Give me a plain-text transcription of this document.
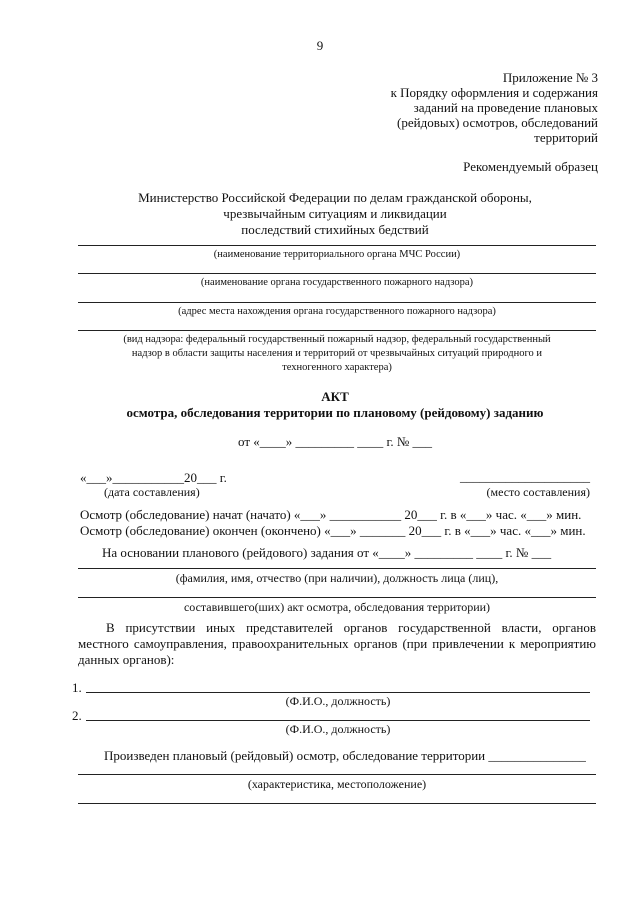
9
Приложение № 3
к Порядку оформления и содержания
заданий на проведение плановых
(рейдовых) осмотров, обследований
территорий
Рекомендуемый образец
Министерство Российской Федерации по делам гражданской обороны,
чрезвычайным ситуациям и ликвидации
последствий стихийных бедствий
(наименование территориального органа МЧС России)
(наименование органа государственного пожарного надзора)
(адрес места нахождения органа государственного пожарного надзора)
(вид надзора: федеральный государственный пожарный надзор, федеральный государственный
надзор в области защиты населения и территорий от чрезвычайных ситуаций природного и
техногенного характера)
АКТ
осмотра, обследования территории по плановому (рейдовому) заданию
от «____» _________ ____ г. № ___
«___»___________20___ г.
(дата составления)
____________________
(место составления)
Осмотр (обследование) начат (начато) «___» ___________ 20___ г. в «___» час. «___» мин.
Осмотр (обследование) окончен (окончено) «___» _______ 20___ г. в «___» час. «___» мин.
На основании планового (рейдового) задания от «____» _________ ____ г. № ___
(фамилия, имя, отчество (при наличии), должность лица (лиц),
составившего(ших) акт осмотра, обследования территории)
В присутствии иных представителей органов государственной власти, органов местного самоуправления, правоохранительных органов (при привлечении к мероприятию данных органов):
1.
(Ф.И.О., должность)
2.
(Ф.И.О., должность)
Произведен плановый (рейдовый) осмотр, обследование территории _______________
(характеристика, местоположение)
